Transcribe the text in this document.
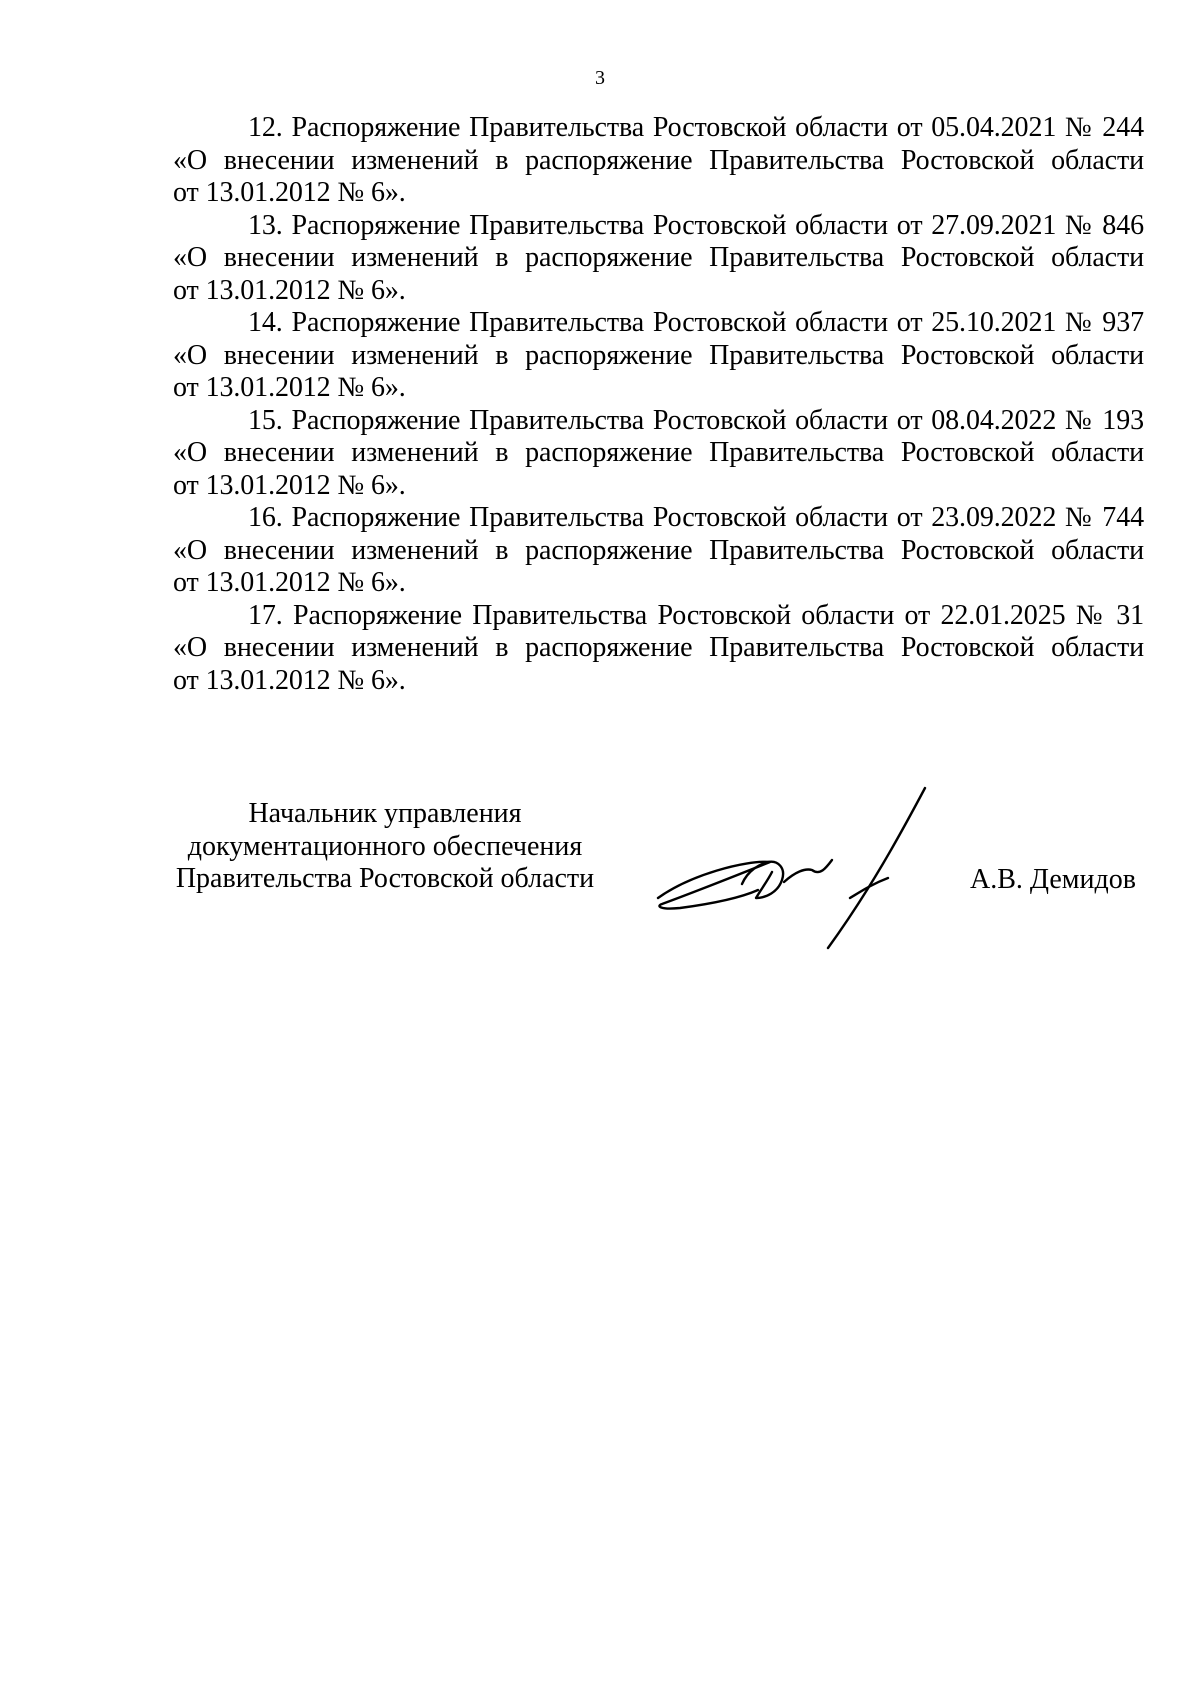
3

12. Распоряжение Правительства Ростовской области от 05.04.2021 № 244
«О внесении изменений в распоряжение Правительства Ростовской области
от 13.01.2012 № 6».

13. Распоряжение Правительства Ростовской области от 27.09.2021 № 846
«О внесении изменений в распоряжение Правительства Ростовской области
от 13.01.2012 № 6».

14. Распоряжение Правительства Ростовской области от 25.10.2021 № 937
«О внесении изменений в распоряжение Правительства Ростовской области
от 13.01.2012 № 6».

15. Распоряжение Правительства Ростовской области от 08.04.2022 № 193
«О внесении изменений в распоряжение Правительства Ростовской области
от 13.01.2012 № 6».

16. Распоряжение Правительства Ростовской области от 23.09.2022 № 744
«О внесении изменений в распоряжение Правительства Ростовской области
от 13.01.2012 № 6».

17. Распоряжение Правительства Ростовской области от 22.01.2025 № 31
«О внесении изменений в распоряжение Правительства Ростовской области
от 13.01.2012 № 6».

Начальник управления
документационного обеспечения
Правительства Ростовской области	А.В. Демидов
